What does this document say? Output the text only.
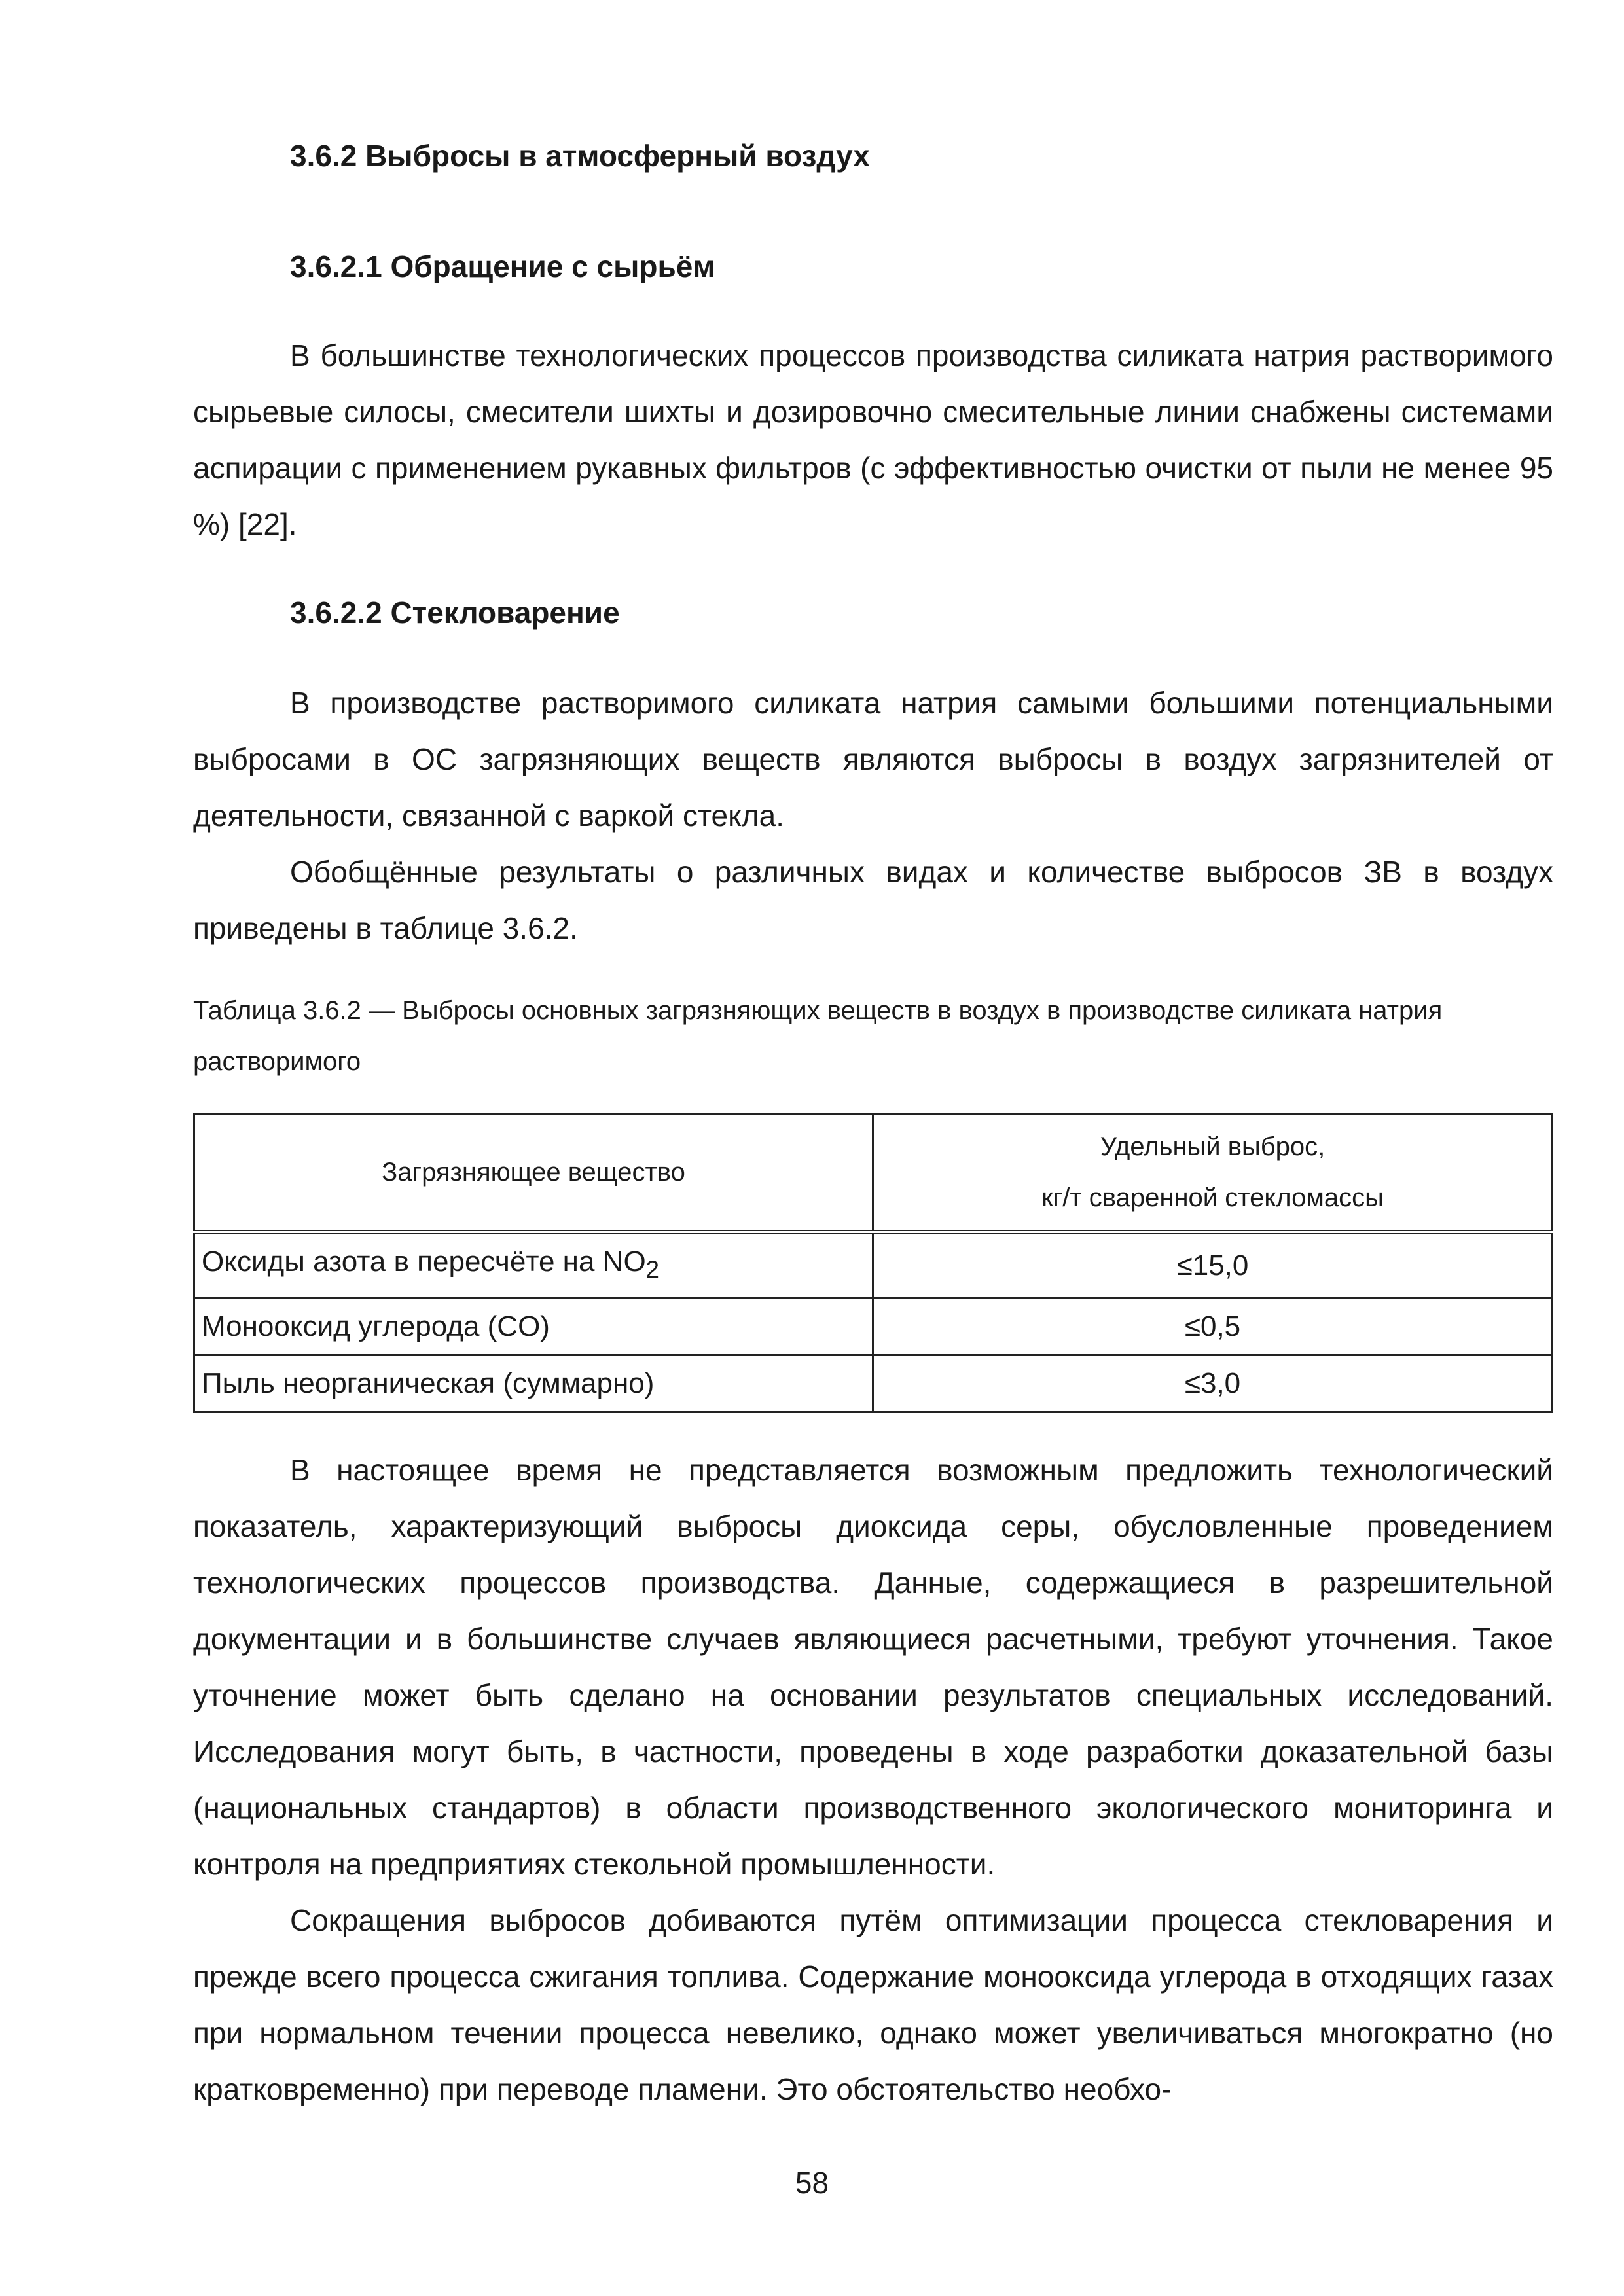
3.6.2 Выбросы в атмосферный воздух
3.6.2.1 Обращение с сырьём

В большинстве технологических процессов производства силиката натрия растворимого сырьевые силосы, смесители шихты и дозировочно смесительные линии снабжены системами аспирации с применением рукавных фильтров (с эффективностью очистки от пыли не менее 95 %) [22].

3.6.2.2 Стекловарение

В производстве растворимого силиката натрия самыми большими потенциальными выбросами в ОС загрязняющих веществ являются выбросы в воздух загрязнителей от деятельности, связанной с варкой стекла.

Обобщённые результаты о различных видах и количестве выбросов ЗВ в воздух приведены в таблице 3.6.2.

Таблица 3.6.2 — Выбросы основных загрязняющих веществ в воздух в производстве силиката натрия растворимого

Загрязняющее вещество	Удельный выброс,
кг/т сваренной стекломассы

Оксиды азота в пересчёте на $NO_2$	≤15,0
Монооксид углерода (CO)	≤0,5
Пыль неорганическая (суммарно)	≤3,0

В настоящее время не представляется возможным предложить технологический показатель, характеризующий выбросы диоксида серы, обусловленные проведением технологических процессов производства. Данные, содержащиеся в разрешительной документации и в большинстве случаев являющиеся расчетными, требуют уточнения. Такое уточнение может быть сделано на основании результатов специальных исследований. Исследования могут быть, в частности, проведены в ходе разработки доказательной базы (национальных стандартов) в области производственного экологического мониторинга и контроля на предприятиях стекольной промышленности.

Сокращения выбросов добиваются путём оптимизации процесса стекловарения и прежде всего процесса сжигания топлива. Содержание монооксида углерода в отходящих газах при нормальном течении процесса невелико, однако может увеличиваться многократно (но кратковременно) при переводе пламени. Это обстоятельство необхо-

58
